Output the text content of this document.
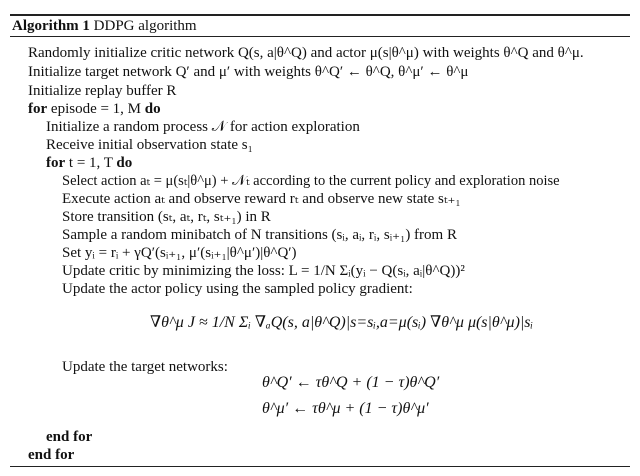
Algorithm 1 DDPG algorithm
Randomly initialize critic network Q(s, a|θ^Q) and actor μ(s|θ^μ) with weights θ^Q and θ^μ.
Initialize target network Q′ and μ′ with weights θ^Q′ ← θ^Q, θ^μ′ ← θ^μ
Initialize replay buffer R
for episode = 1, M do
Initialize a random process 𝒩 for action exploration
Receive initial observation state s₁
for t = 1, T do
Select action aₜ = μ(sₜ|θ^μ) + 𝒩ₜ according to the current policy and exploration noise
Execute action aₜ and observe reward rₜ and observe new state sₜ₊₁
Store transition (sₜ, aₜ, rₜ, sₜ₊₁) in R
Sample a random minibatch of N transitions (sᵢ, aᵢ, rᵢ, sᵢ₊₁) from R
Set yᵢ = rᵢ + γQ′(sᵢ₊₁, μ′(sᵢ₊₁|θ^μ′)|θ^Q′)
Update critic by minimizing the loss: L = 1/N Σᵢ(yᵢ − Q(sᵢ, aᵢ|θ^Q))²
Update the actor policy using the sampled policy gradient:
∇θ^μ J ≈ 1/N Σᵢ ∇ₐQ(s, a|θ^Q)|s=sᵢ,a=μ(sᵢ) ∇θ^μ μ(s|θ^μ)|sᵢ
Update the target networks:
θ^Q′ ← τθ^Q + (1 − τ)θ^Q′
θ^μ′ ← τθ^μ + (1 − τ)θ^μ′
end for
end for
